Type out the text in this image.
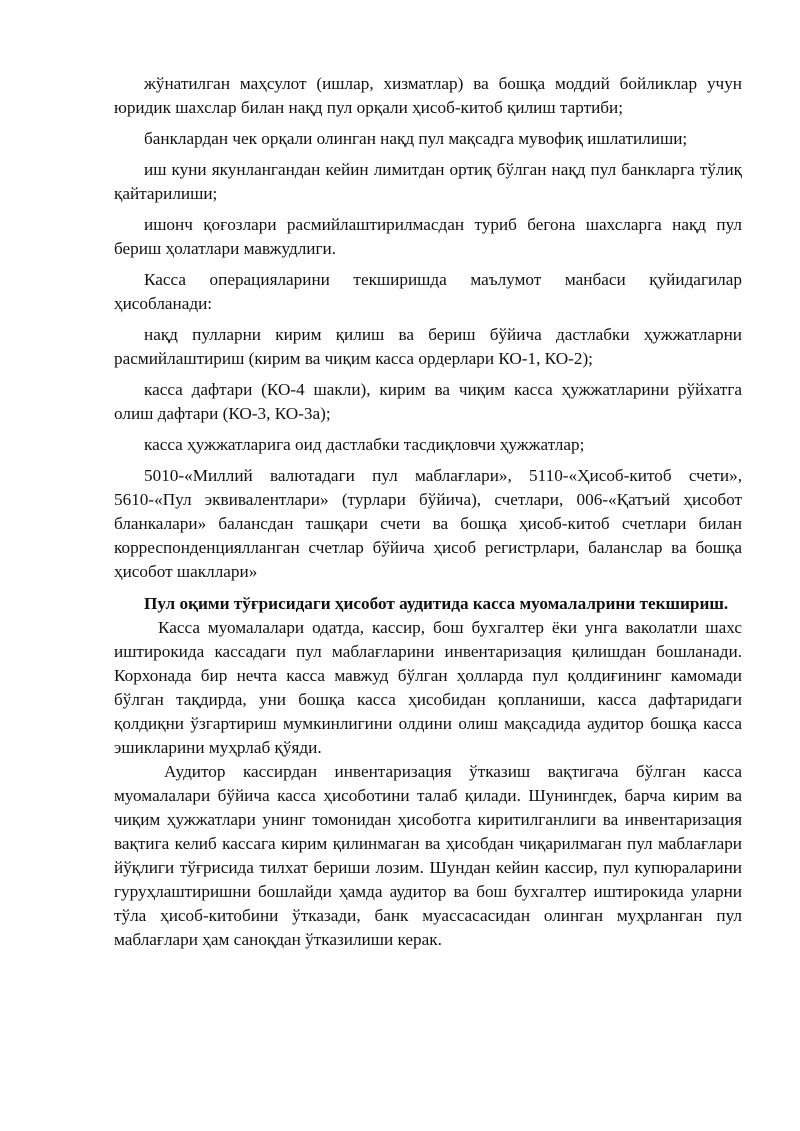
жўнатилган маҳсулот (ишлар, хизматлар) ва бошқа моддий бойликлар учун юридик шахслар билан нақд пул орқали ҳисоб-китоб қилиш тартиби;

банклардан чек орқали олинган нақд пул мақсадга мувофиқ ишлатилиши;

иш куни якунлангандан кейин лимитдан ортиқ бўлган нақд пул банкларга тўлиқ қайтарилиши;

ишонч қоғозлари расмийлаштирилмасдан туриб бегона шахсларга нақд пул бериш ҳолатлари мавжудлиги.

Касса операцияларини текширишда маълумот манбаси қуйидагилар ҳисобланади:

нақд пулларни кирим қилиш ва бериш бўйича дастлабки ҳужжатларни расмийлаштириш (кирим ва чиқим касса ордерлари КО-1, КО-2);

касса дафтари (КО-4 шакли), кирим ва чиқим касса ҳужжатларини рўйхатга олиш дафтари (КО-3, КО-3а);

касса ҳужжатларига оид дастлабки тасдиқловчи ҳужжатлар;

5010-«Миллий валютадаги пул маблағлари», 5110-«Ҳисоб-китоб счети», 5610-«Пул эквивалентлари» (турлари бўйича), счетлари, 006-«Қатъий ҳисобот бланкалари» балансдан ташқари счети ва бошқа ҳисоб-китоб счетлари билан корреспонденциялланган счетлар бўйича ҳисоб регистрлари, баланслар ва бошқа ҳисобот шакллари»

Пул оқими тўғрисидаги ҳисобот аудитида касса муомалалрини текшириш.

Касса муомалалари одатда, кассир, бош бухгалтер ёки унга ваколатли шахс иштирокида кассадаги пул маблағларини инвентаризация қилишдан бошланади. Корхонада бир нечта касса мавжуд бўлган ҳолларда пул қолдиғининг камомади бўлган тақдирда, уни бошқа касса ҳисобидан қопланиши, касса дафтаридаги қолдиқни ўзгартириш мумкинлигини олдини олиш мақсадида аудитор бошқа касса эшикларини муҳрлаб қўяди.

Аудитор кассирдан инвентаризация ўтказиш вақтигача бўлган касса муомалалари бўйича касса ҳисоботини талаб қилади. Шунингдек, барча кирим ва чиқим ҳужжатлари унинг томонидан ҳисоботга киритилганлиги ва инвентаризация вақтига келиб кассага кирим қилинмаган ва ҳисобдан чиқарилмаган пул маблағлари йўқлиги тўғрисида тилхат бериши лозим. Шундан кейин кассир, пул купюраларини гуруҳлаштиришни бошлайди ҳамда аудитор ва бош бухгалтер иштирокида уларни тўла ҳисоб-китобини ўтказади, банк муассасасидан олинган муҳрланган пул маблағлари ҳам саноқдан ўтказилиши керак.
